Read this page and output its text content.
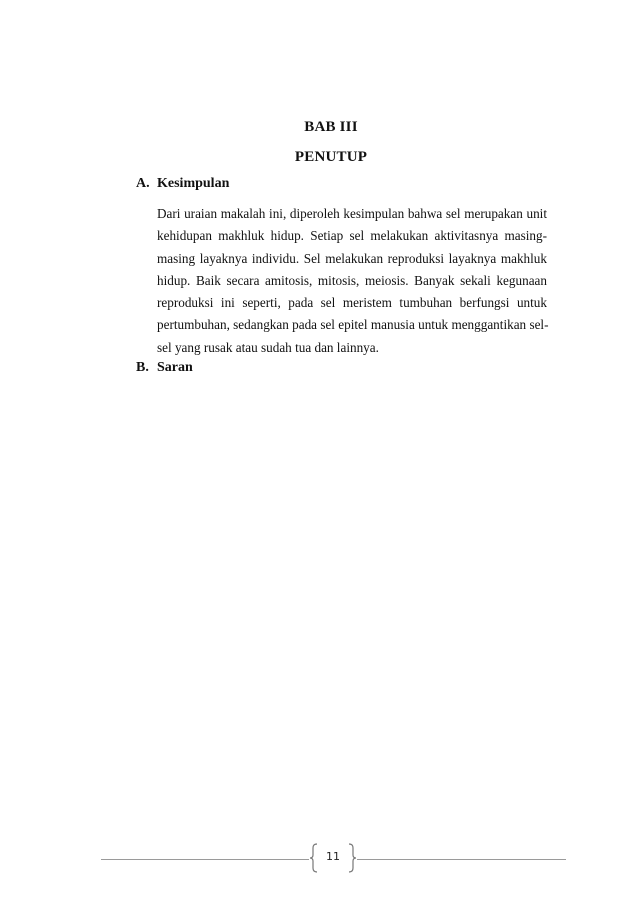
BAB III
PENUTUP
A. Kesimpulan
Dari uraian makalah ini, diperoleh kesimpulan bahwa sel merupakan unit
kehidupan makhluk hidup. Setiap sel melakukan aktivitasnya masing-
masing layaknya individu. Sel melakukan reproduksi layaknya makhluk
hidup. Baik secara amitosis, mitosis, meiosis. Banyak sekali kegunaan
reproduksi ini seperti, pada sel meristem tumbuhan berfungsi untuk
pertumbuhan, sedangkan pada sel epitel manusia untuk menggantikan sel-
sel yang rusak atau sudah tua dan lainnya.
B. Saran
11
